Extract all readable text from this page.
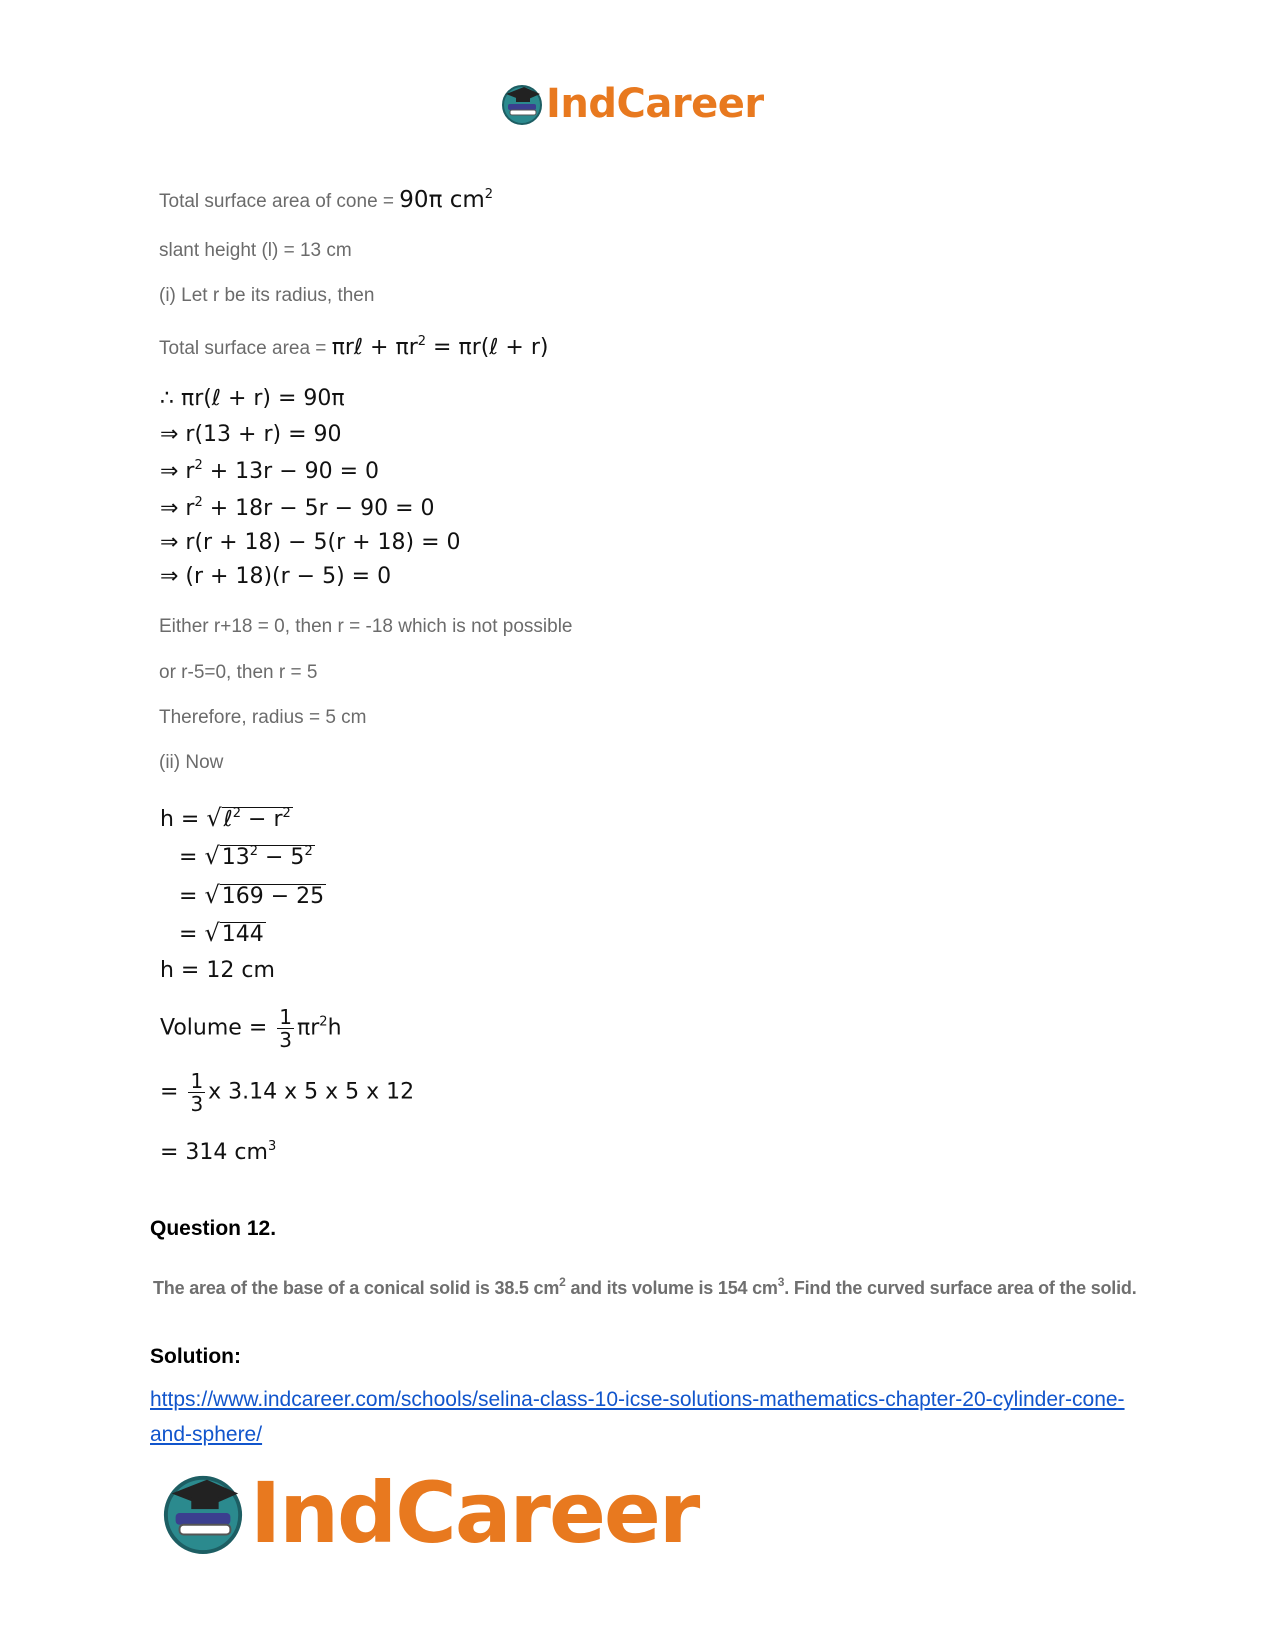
IndCareer
Total surface area of cone = 90π $cm^2$
slant height (l) = 13 cm
(i) Let r be its radius, then
Total surface area = πrℓ + $\pi r^2$ = πr(ℓ + r)
∴ πr(ℓ + r) = 90π
⇒ r(13 + r) = 90
⇒ $r^2 + 13r - 90 = 0$
⇒ $r^2 + 18r - 5r - 90 = 0$
⇒ r(r + 18) − 5(r + 18) = 0
⇒ (r + 18)(r − 5) = 0
Either r+18 = 0, then r = -18 which is not possible
or r-5=0, then r = 5
Therefore, radius = 5 cm
(ii) Now
h = √ℓ$^2$ − $r^2$
= $√13^2 - 5^2$
= √169 − 25
= √144
h = 12 cm
Volume = $\frac{1}{3} \pi r^2h$
= $\frac{1}{3}$ x 3.14 x 5 x 5 x 12
= 314 $cm^3$
Question 12.
The area of the base of a conical solid is 38.5 $cm^2$ and its volume is 154 $cm^3$. Find the curved surface area of the solid.
Solution:
https://www.indcareer.com/schools/selina-class-10-icse-solutions-mathematics-chapter-20-cylinder-cone-and-sphere/
IndCareer
